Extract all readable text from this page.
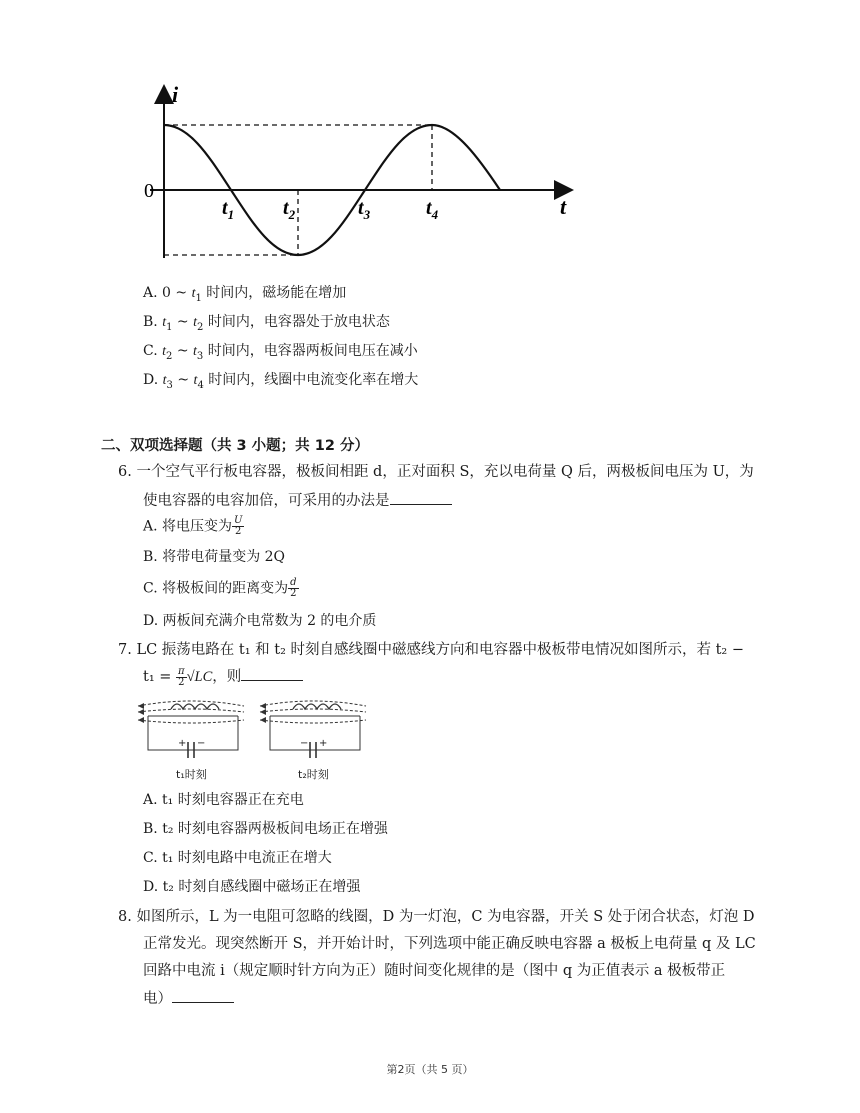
i
t
0
$t_1$ $t_2$	$t_3$	$t_4$
A. 0 ~ $t_1$ 时间内，磁场能在增加
B. $t_1$ ~ $t_2$ 时间内，电容器处于放电状态
C. $t_2$ ~ $t_3$ 时间内，电容器两板间电压在减小
D. $t_3$ ~ $t_4$ 时间内，线圈中电流变化率在增大
二、双项选择题（共 3 小题；共 12 分）
6. 一个空气平行板电容器，极板间相距 d，正对面积 S，充以电荷量 Q 后，两极板间电压为 U，为
使电容器的电容加倍，可采用的办法是
A. 将电压变为 $\frac{U}{2}$
B. 将带电荷量变为 2Q
C. 将极板间的距离变为 $\frac{d}{2}$
D. 两板间充满介电常数为 2 的电介质
7. LC 振荡电路在 t₁ 和 t₂ 时刻自感线圈中磁感线方向和电容器中极板带电情况如图所示，若 t₂ −
$t_1 = \frac{\pi}{2} √LC$，则
+ −	− +
t₁时刻	t₂时刻
A. t₁ 时刻电容器正在充电
B. t₂ 时刻电容器两极板间电场正在增强
C. t₁ 时刻电路中电流正在增大
D. t₂ 时刻自感线圈中磁场正在增强
8. 如图所示，L 为一电阻可忽略的线圈，D 为一灯泡，C 为电容器，开关 S 处于闭合状态，灯泡 D
正常发光。现突然断开 S，并开始计时，下列选项中能正确反映电容器 a 极板上电荷量 q 及 LC
回路中电流 i（规定顺时针方向为正）随时间变化规律的是（图中 q 为正值表示 a 极板带正
电）
第2页（共 5 页）
